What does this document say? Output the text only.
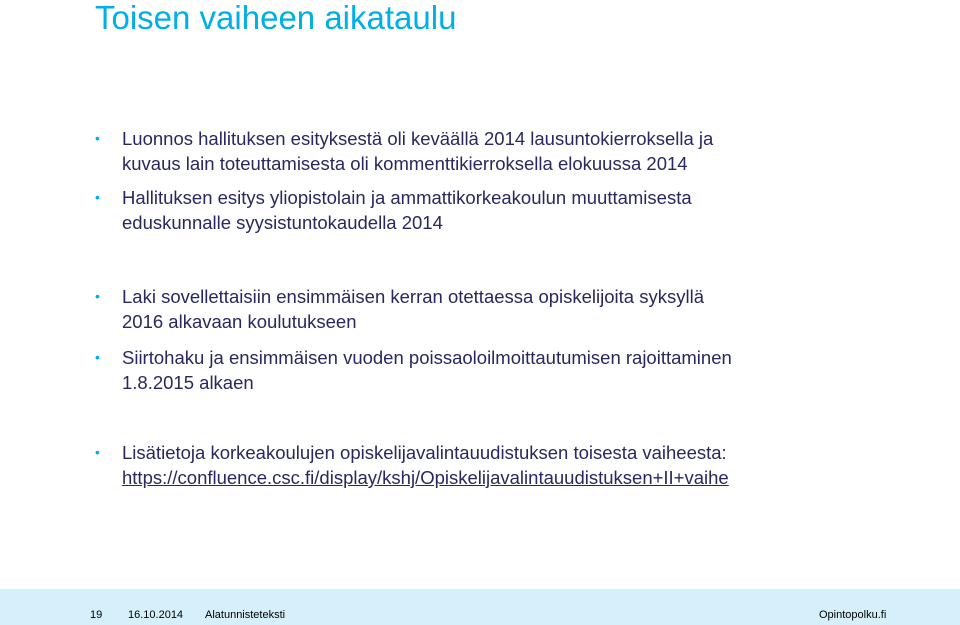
Toisen vaiheen aikataulu
• Luonnos hallituksen esityksestä oli keväällä 2014 lausuntokierroksella ja
kuvaus lain toteuttamisesta oli kommenttikierroksella elokuussa 2014
• Hallituksen esitys yliopistolain ja ammattikorkeakoulun muuttamisesta
eduskunnalle syysistuntokaudella 2014
• Laki sovellettaisiin ensimmäisen kerran otettaessa opiskelijoita syksyllä
2016 alkavaan koulutukseen
• Siirtohaku ja ensimmäisen vuoden poissaoloilmoittautumisen rajoittaminen
1.8.2015 alkaen
• Lisätietoja korkeakoulujen opiskelijavalintauudistuksen toisesta vaiheesta:
https://confluence.csc.fi/display/kshj/Opiskelijavalintauudistuksen+II+vaihe
19 16.10.2014 Alatunnisteteksti	Opintopolku.fi
